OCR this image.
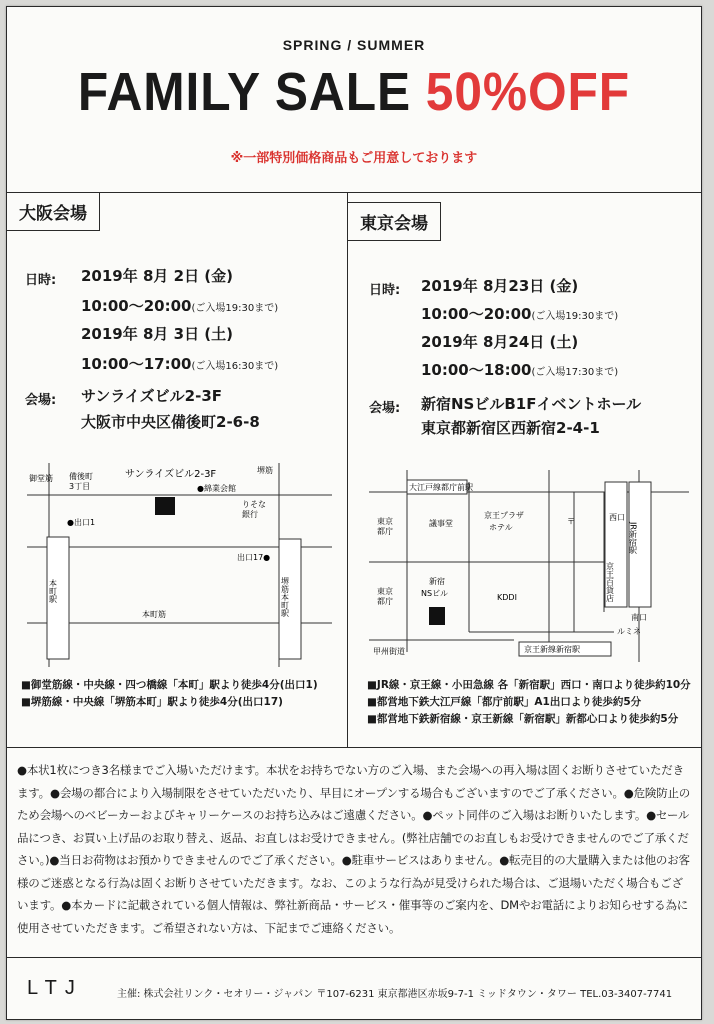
SPRING / SUMMER
FAMILY SALE 50%OFF
※一部特別価格商品もご用意しております
大阪会場
日時: 2019年 8月 2日 (金)
10:00〜20:00(ご入場19:30まで)
2019年 8月 3日 (土)
10:00〜17:00(ご入場16:30まで)
会場: サンライズビル2-3F
大阪市中央区備後町2-6-8
御堂筋 備後町
3丁目
サンライズビル2-3F	堺筋
●綿業会館
りそな
銀行
●出口1
出口17●
本町筋
本町駅	堺筋本町駅
■御堂筋線・中央線・四つ橋線「本町」駅より徒歩4分(出口1)
■堺筋線・中央線「堺筋本町」駅より徒歩4分(出口17)
東京会場
日時: 2019年 8月23日 (金)
10:00〜20:00(ご入場19:30まで)
2019年 8月24日 (土)
10:00〜18:00(ご入場17:30まで)
会場: 新宿NSビルB1Fイベントホール
東京都新宿区西新宿2-4-1
大江戸線都庁前駅
東京
都庁
議事堂
京王プラザ
ホテル
〒	西口
JR新宿駅
京王百貨店
新宿
NSビル
東京
都庁	KDDI
南口
ルミネ
甲州街道	京王新線新宿駅
■JR線・京王線・小田急線 各「新宿駅」西口・南口より徒歩約10分
■都営地下鉄大江戸線「都庁前駅」A1出口より徒歩約5分
■都営地下鉄新宿線・京王新線「新宿駅」新都心口より徒歩約5分
●本状1枚につき3名様までご入場いただけます。本状をお持ちでない方のご入場、また会場への再入場は固くお断りさせていただきます。●会場の都合により入場制限をさせていただいたり、早目にオープンする場合もございますのでご了承ください。●危険防止のため会場へのベビーカーおよびキャリーケースのお持ち込みはご遠慮ください。●ペット同伴のご入場はお断りいたします。●セール品につき、お買い上げ品のお取り替え、返品、お直しはお受けできません。(弊社店舗でのお直しもお受けできませんのでご了承ください。)●当日お荷物はお預かりできませんのでご了承ください。●駐車サービスはありません。●転売目的の大量購入または他のお客様のご迷惑となる行為は固くお断りさせていただきます。なお、このような行為が見受けられた場合は、ご退場いただく場合もございます。●本カードに記載されている個人情報は、弊社新商品・サービス・催事等のご案内を、DMやお電話によりお知らせする為に使用させていただきます。ご希望されない方は、下記までご連絡ください。
LTJ	主催: 株式会社リンク・セオリー・ジャパン 〒107-6231 東京都港区赤坂9-7-1 ミッドタウン・タワー TEL.03-3407-7741
